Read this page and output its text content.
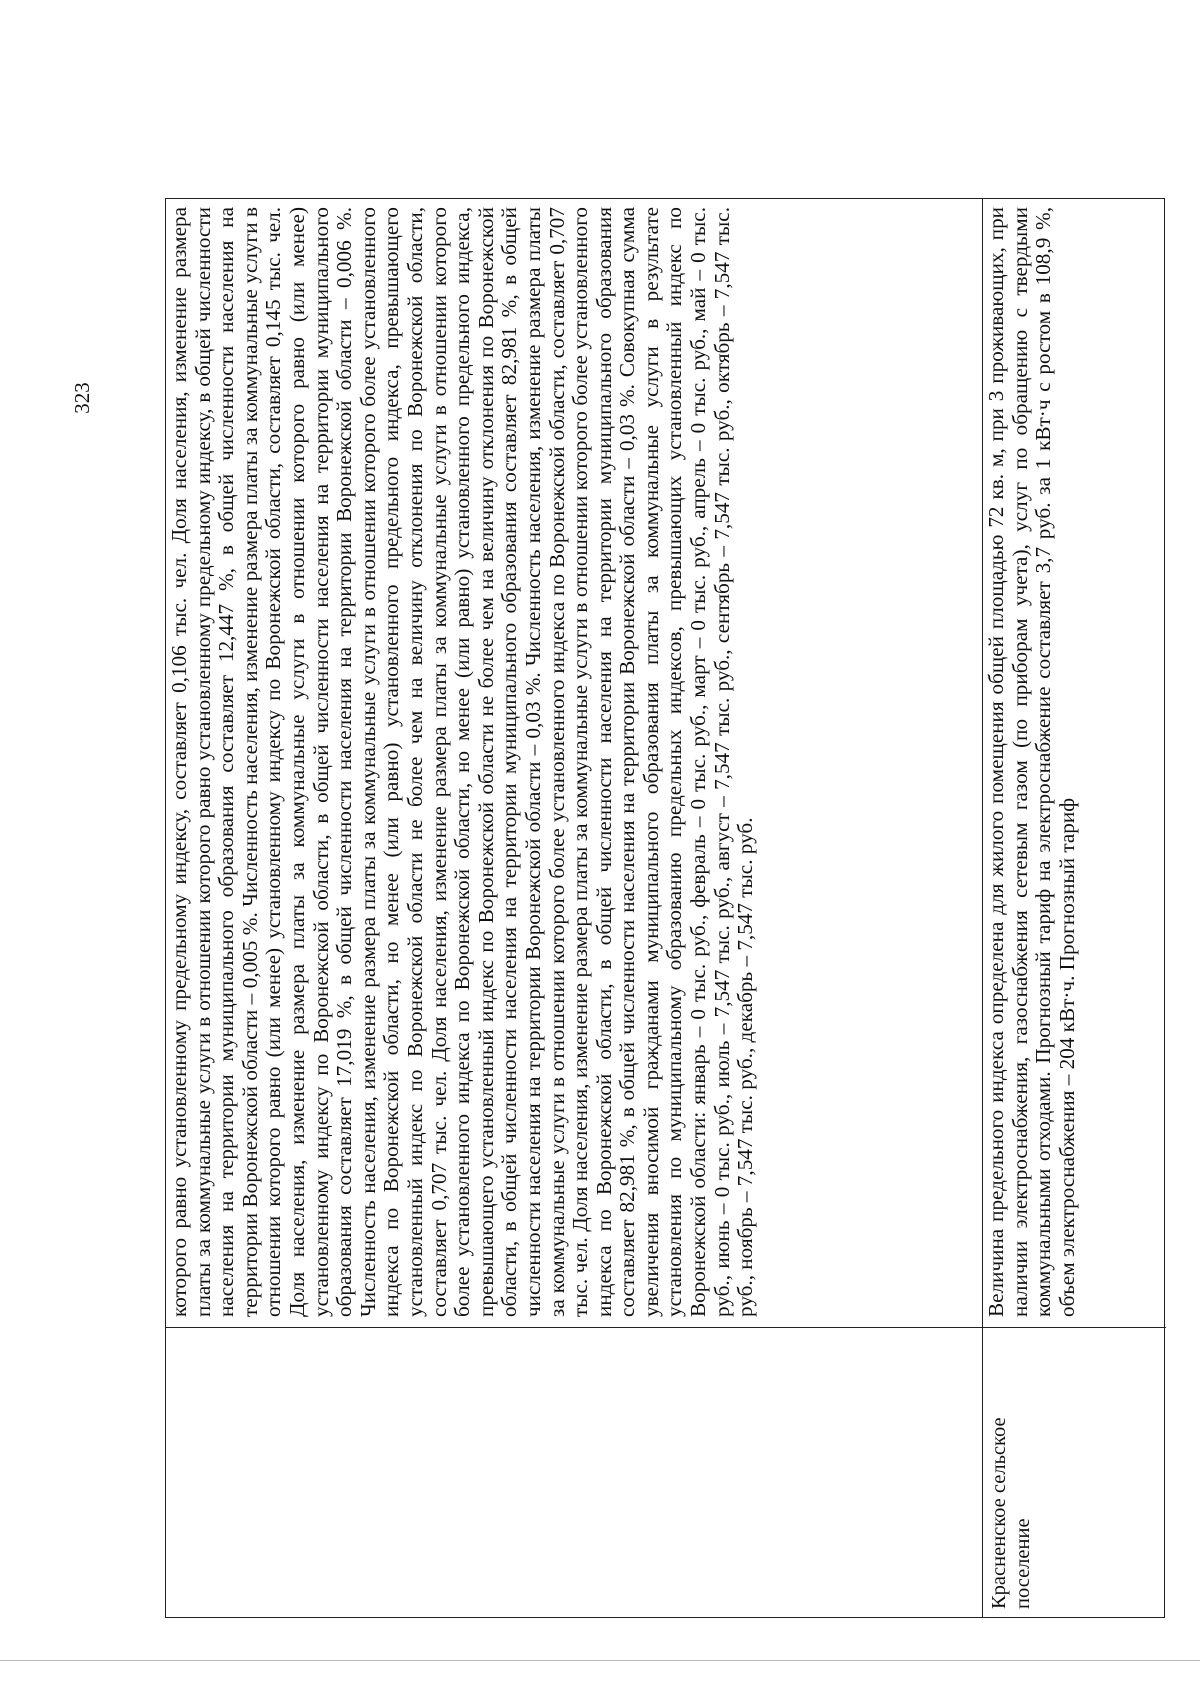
323	которого равно установленному предельному индексу, составляет 0,106 тыс. чел. Доля населения, изменение размера платы за коммунальные услуги в отношении которого равно установленному предельному индексу, в общей численности населения на территории муниципального образования составляет 12,447 %, в общей численности населения на территории Воронежской области – 0,005 %. Численность населения, изменение размера платы за коммунальные услуги в отношении которого равно (или менее) установленному индексу по Воронежской области, составляет 0,145 тыс. чел. Доля населения, изменение размера платы за коммунальные услуги в отношении которого равно (или менее) установленному индексу по Воронежской области, в общей численности населения на территории муниципального образования составляет 17,019 %, в общей численности населения на территории Воронежской области – 0,006 %. Численность населения, изменение размера платы за коммунальные услуги в отношении которого более установленного индекса по Воронежской области, но менее (или равно) установленного предельного индекса, превышающего установленный индекс по Воронежской области не более чем на величину отклонения по Воронежской области, составляет 0,707 тыс. чел. Доля населения, изменение размера платы за коммунальные услуги в отношении которого более установленного индекса по Воронежской области, но менее (или равно) установленного предельного индекса, превышающего установленный индекс по Воронежской области не более чем на величину отклонения по Воронежской области, в общей численности населения на территории муниципального образования составляет 82,981 %, в общей численности населения на территории Воронежской области – 0,03 %. Численность населения, изменение размера платы за коммунальные услуги в отношении которого более установленного индекса по Воронежской области, составляет 0,707 тыс. чел. Доля населения, изменение размера платы за коммунальные услуги в отношении которого более установленного индекса по Воронежской области, в общей численности населения на территории муниципального образования составляет 82,981 %, в общей численности населения на территории Воронежской области – 0,03 %. Совокупная сумма увеличения вносимой гражданами муниципального образования платы за коммунальные услуги в результате установления по муниципальному образованию предельных индексов, превышающих установленный индекс по Воронежской области: январь – 0 тыс. руб., февраль – 0 тыс. руб., март – 0 тыс. руб., апрель – 0 тыс. руб., май – 0 тыс. руб., июнь – 0 тыс. руб., июль – 7,547 тыс. руб., август – 7,547 тыс. руб., сентябрь – 7,547 тыс. руб., октябрь – 7,547 тыс. руб., ноябрь – 7,547 тыс. руб., декабрь – 7,547 тыс. руб.
Красненское сельское поселение
Величина предельного индекса определена для жилого помещения общей площадью 72 кв. м, при 3 проживающих, при наличии электроснабжения, газоснабжения сетевым газом (по приборам учета), услуг по обращению с твердыми коммунальными отходами. Прогнозный тариф на электроснабжение составляет 3,7 руб. за 1 кВт·ч с ростом в 108,9 %, объем электроснабжения – 204 кВт·ч. Прогнозный тариф
